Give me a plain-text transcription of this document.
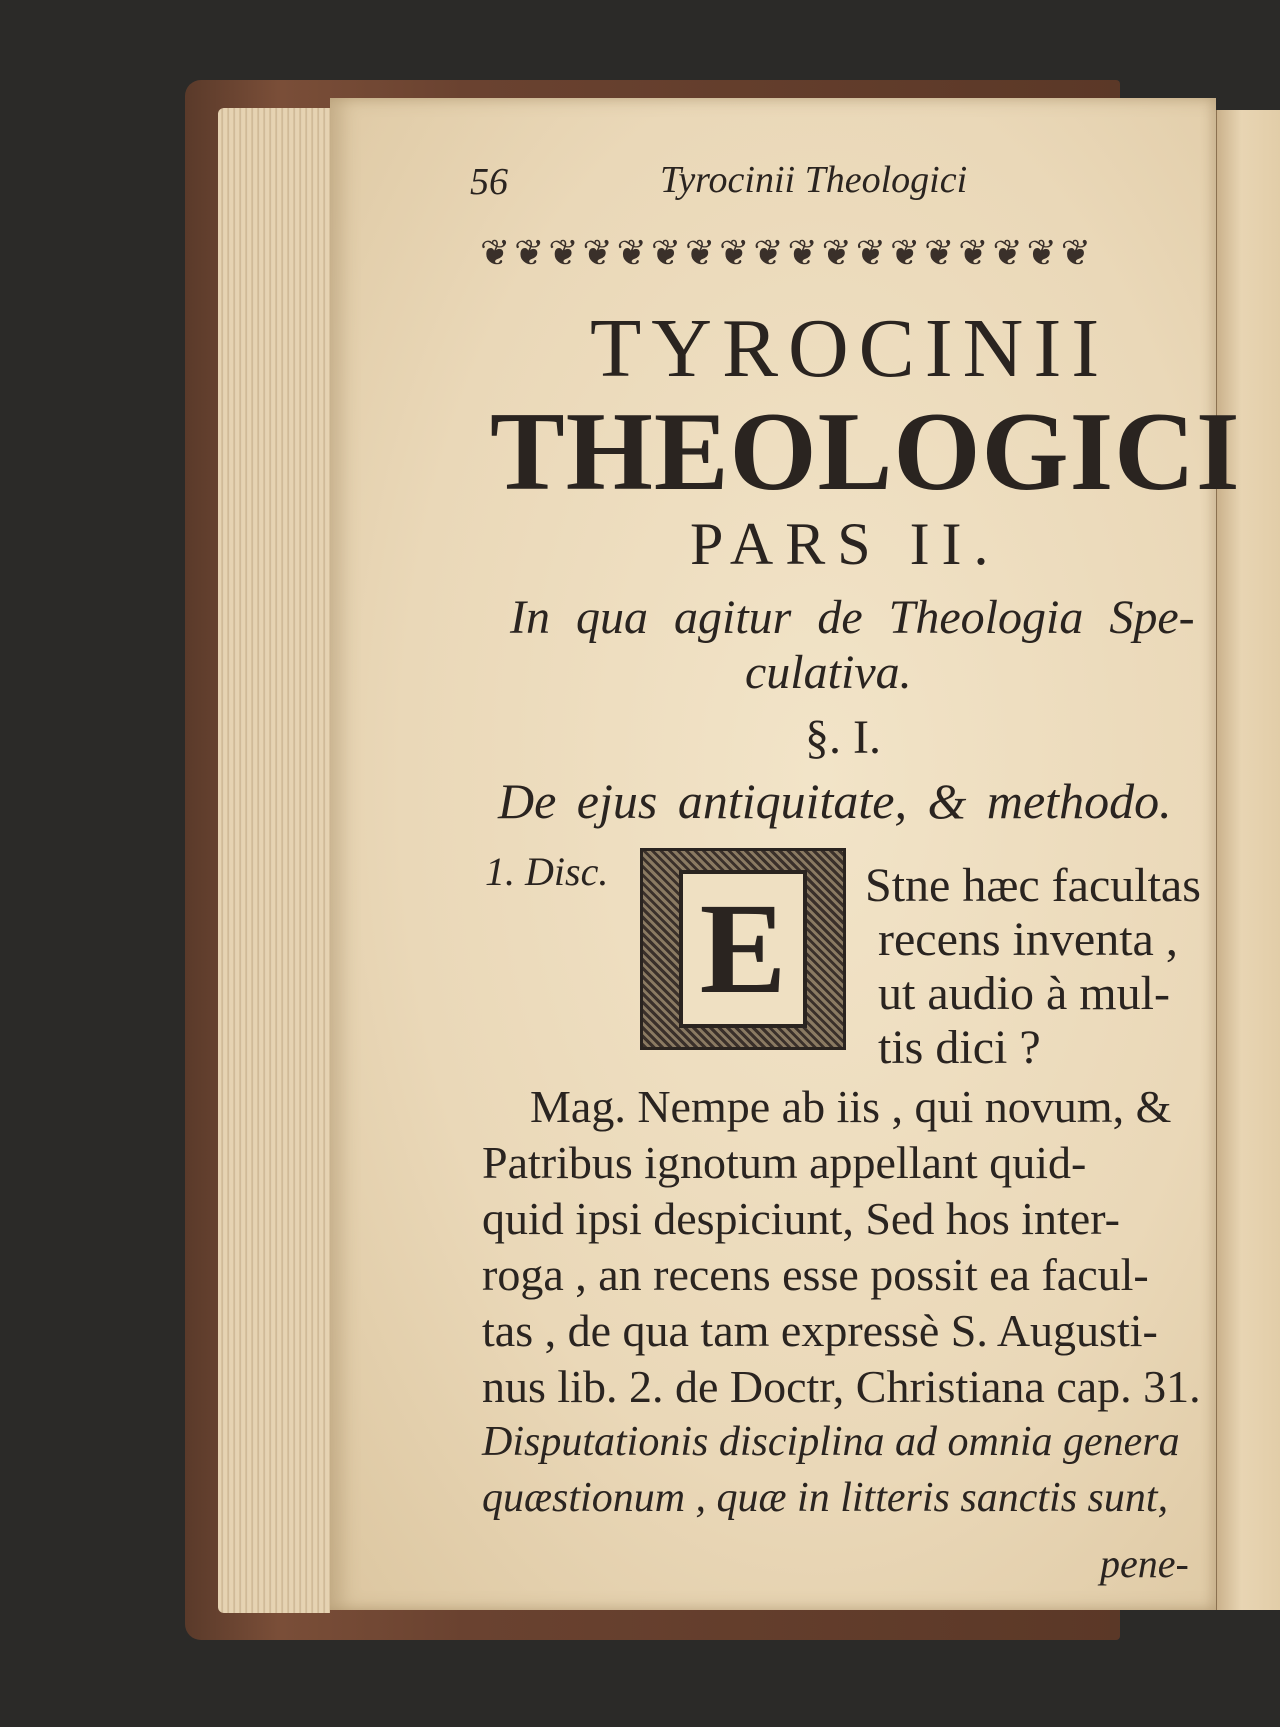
56	Tyrocinii Theologici
❦❦❦❦❦❦❦❦❦❦❦❦❦❦❦❦❦❦
TYROCINII
THEOLOGICI
PARS II.
In qua agitur de Theologia Spe-
culativa.
§. I.
De ejus antiquitate, & methodo.
1. Disc.
E	Stne hæc facultas
recens inventa ,
ut audio à mul-
tis dici ?
Mag. Nempe ab iis , qui novum, &
Patribus ignotum appellant quid-
quid ipsi despiciunt, Sed hos inter-
roga , an recens esse possit ea facul-
tas , de qua tam expressè S. Augusti-
nus lib. 2. de Doctr, Christiana cap. 31.
Disputationis disciplina ad omnia genera
quæstionum , quæ in litteris sanctis sunt,
pene-
